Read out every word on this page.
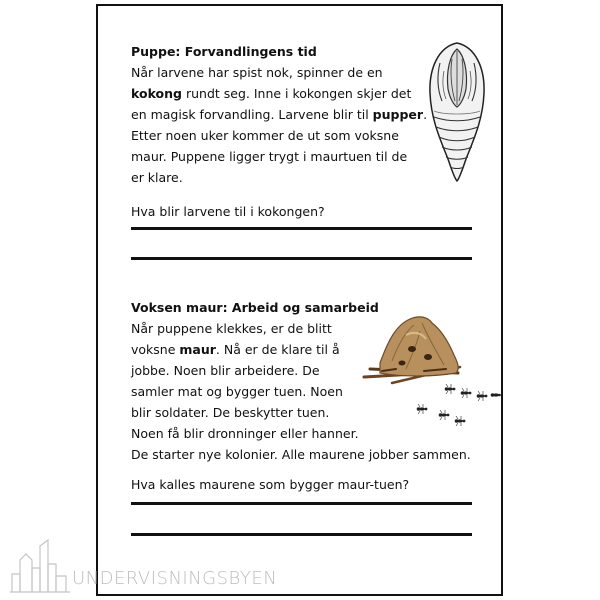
Puppe: Forvandlingens tid

Når larvene har spist nok, spinner de en
kokong rundt seg. Inne i kokongen skjer det
en magisk forvandling. Larvene blir til pupper.
Etter noen uker kommer de ut som voksne
maur. Puppene ligger trygt i maurtuen til de
er klare.

Hva blir larvene til i kokongen?

Voksen maur: Arbeid og samarbeid

Når puppene klekkes, er de blitt
voksne maur. Nå er de klare til å
jobbe. Noen blir arbeidere. De
samler mat og bygger tuen. Noen
blir soldater. De beskytter tuen.
Noen få blir dronninger eller hanner.
De starter nye kolonier. Alle maurene jobber sammen.

Hva kalles maurene som bygger maur-tuen?

UNDERVISNINGSBYEN
